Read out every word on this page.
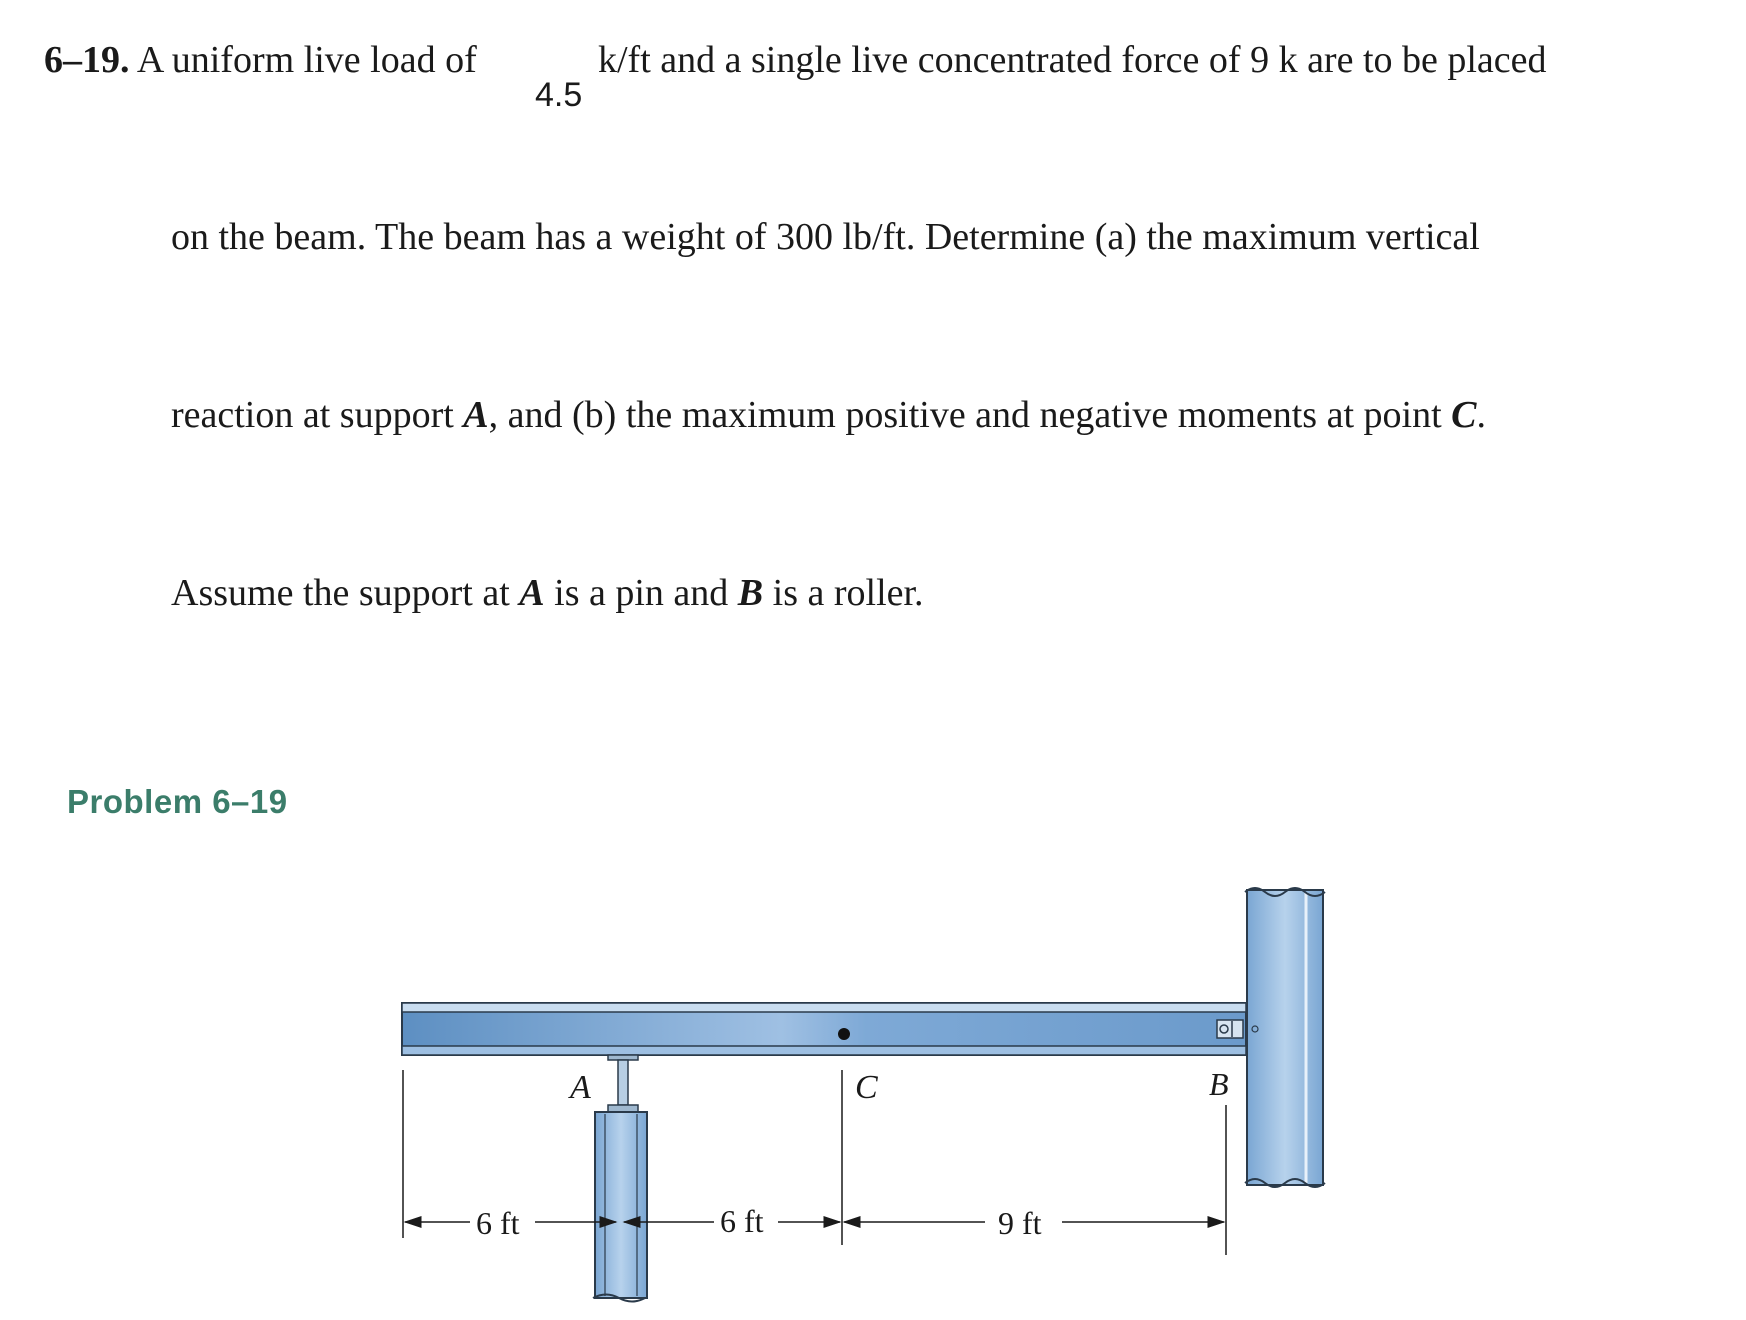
6–19. A uniform live load of
4.5
k/ft and a single live concentrated force of 9 k are to be placed
on the beam. The beam has a weight of 300 lb/ft. Determine (a) the maximum vertical
reaction at support A, and (b) the maximum positive and negative moments at point C.
Assume the support at A is a pin and B is a roller.
Problem 6–19
A	C	B
6 ft	6 ft	9 ft
